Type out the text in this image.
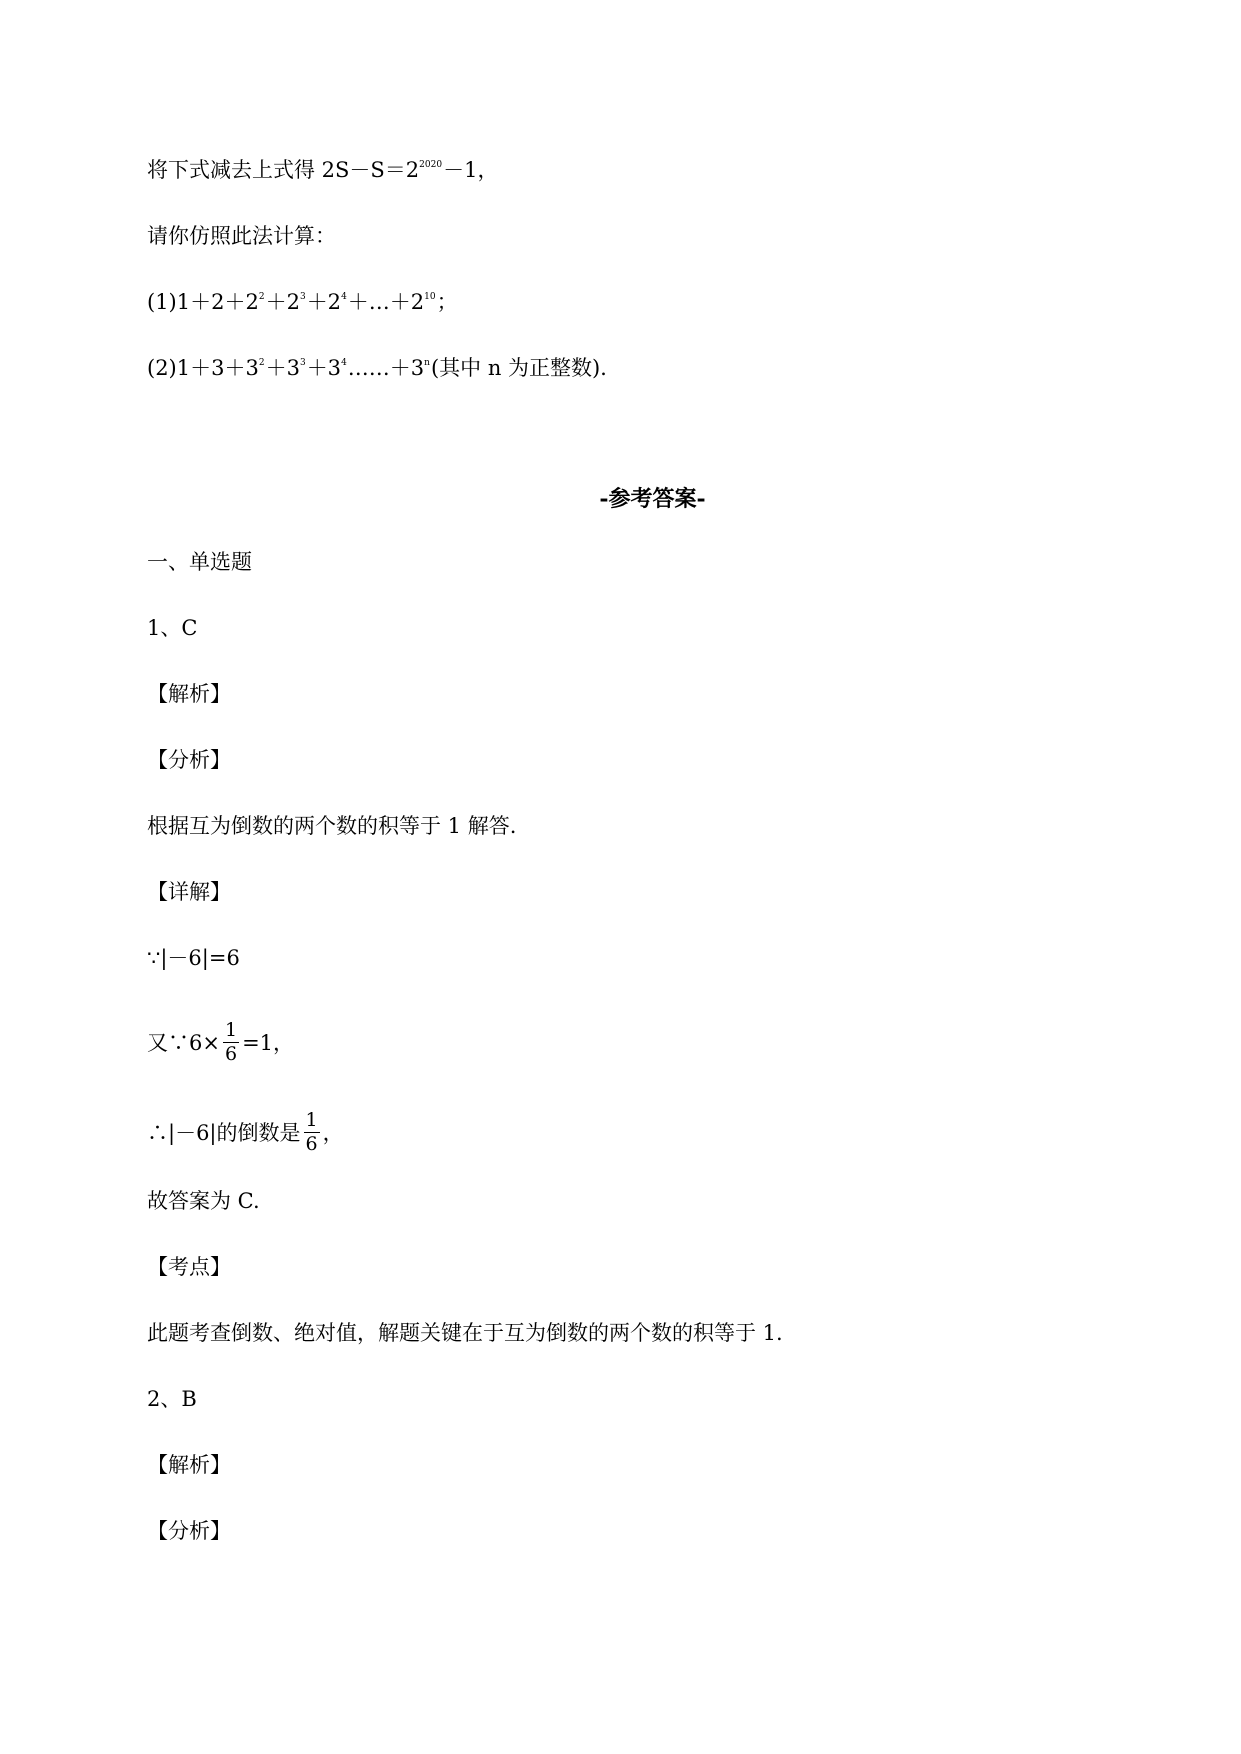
将下式减去上式得 $2S-S=2^{2020}-1$，
请你仿照此法计算：
$(1)1+2+2^2+2^3+2^4+\dots+2^{10}$；
$(2)1+3+3^2+3^3+3^4\dots\dots+3^n$(其中 n 为正整数)．
-参考答案-
一、单选题
1、C
【解析】
【分析】
根据互为倒数的两个数的积等于 1 解答.
【详解】
∵|－6|=6
又∵6× $\frac{1}{6} =1$，
∴|－6|的倒数是 $\frac{1}{6}$ ，
故答案为 C.
【考点】
此题考查倒数、绝对值，解题关键在于互为倒数的两个数的积等于 1.
2、B
【解析】
【分析】
